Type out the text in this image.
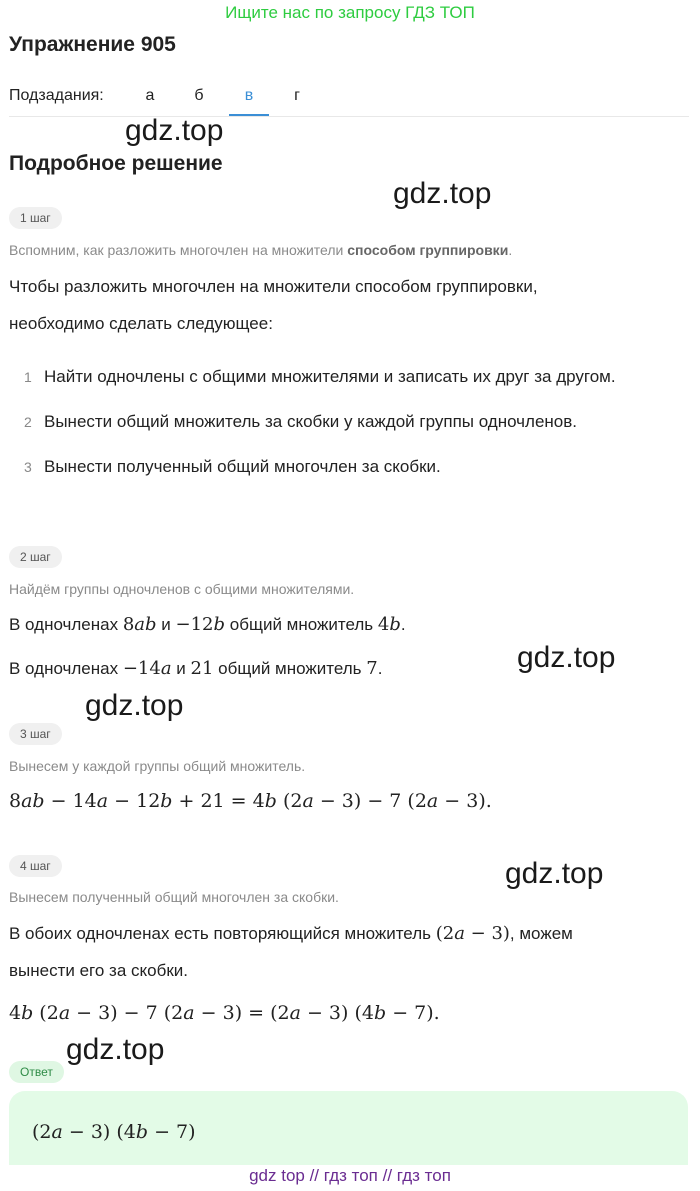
Ищите нас по запросу ГДЗ ТОП
Упражнение 905
Подзадания:	а	б	в	г
Подробное решение
1 шаг
Вспомним, как разложить многочлен на множители способом группировки.
Чтобы разложить многочлен на множители способом группировки,
необходимо сделать следующее:
1 Найти одночлены с общими множителями и записать их друг за другом.
2 Вынести общий множитель за скобки у каждой группы одночленов.
3 Вынести полученный общий многочлен за скобки.
2 шаг
Найдём группы одночленов с общими множителями.
В одночленах 8ab и −12b общий множитель 4b.
В одночленах −14a и 21 общий множитель 7.
3 шаг
Вынесем у каждой группы общий множитель.
8ab − 14a − 12b + 21 = 4b (2a − 3) − 7 (2a − 3).
4 шаг
Вынесем полученный общий многочлен за скобки.
В обоих одночленах есть повторяющийся множитель (2a − 3), можем
вынести его за скобки.
4b (2a − 3) − 7 (2a − 3) = (2a − 3) (4b − 7).
Ответ
(2a − 3) (4b − 7)
gdz.top
gdz.top
gdz.top
gdz.top
gdz.top
gdz.top
gdz top // гдз топ // гдз топ
